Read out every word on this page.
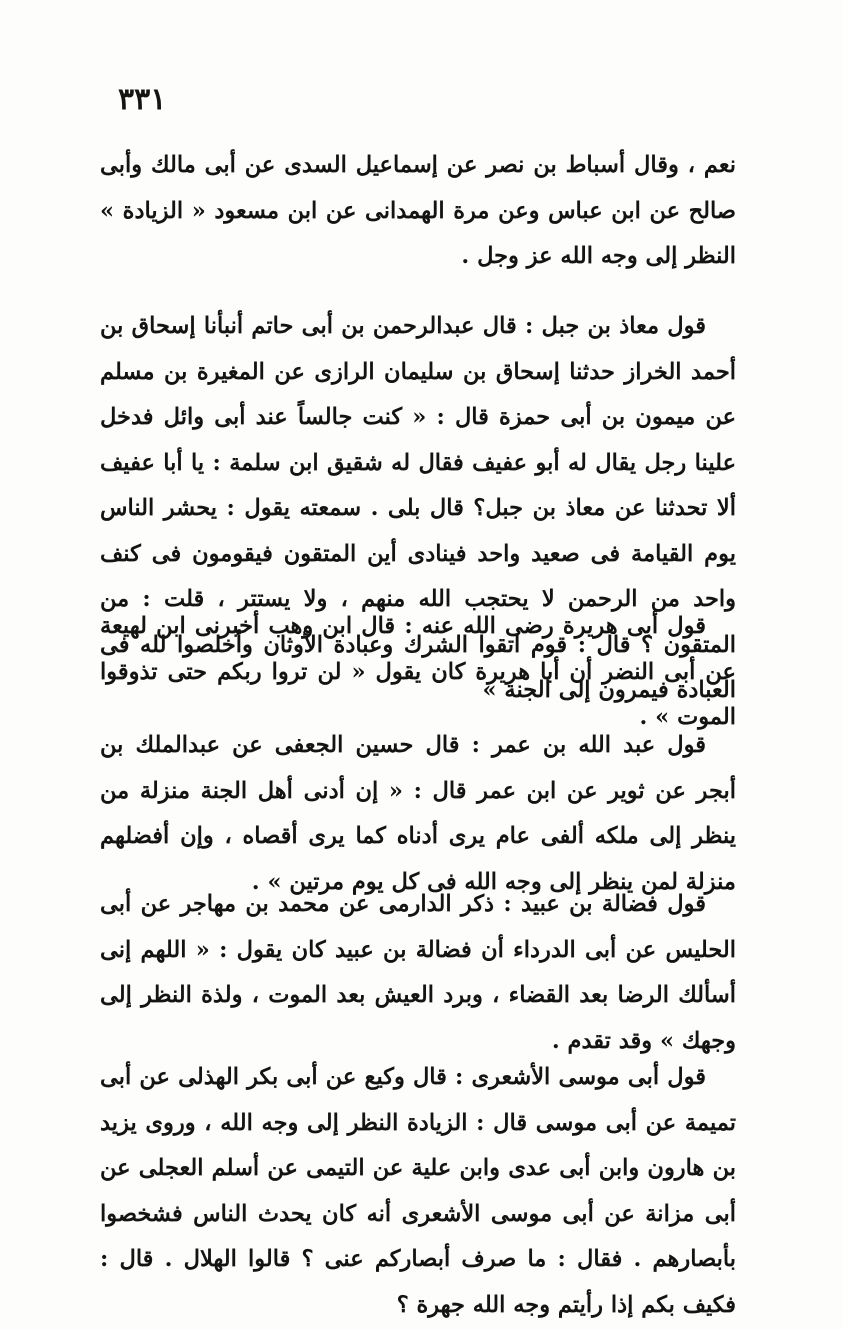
٣٣١

نعم ، وقال أسباط بن نصر عن إسماعيل السدى عن أبى مالك وأبى صالح عن ابن عباس وعن مرة الهمدانى عن ابن مسعود « الزيادة » النظر إلى وجه الله عز وجل .

قول معاذ بن جبل : قال عبدالرحمن بن أبى حاتم أنبأنا إسحاق بن أحمد الخراز حدثنا إسحاق بن سليمان الرازى عن المغيرة بن مسلم عن ميمون بن أبى حمزة قال : « كنت جالساً عند أبى وائل فدخل علينا رجل يقال له أبو عفيف فقال له شقيق ابن سلمة : يا أبا عفيف ألا تحدثنا عن معاذ بن جبل؟ قال بلى . سمعته يقول : يحشر الناس يوم القيامة فى صعيد واحد فينادى أين المتقون فيقومون فى كنف واحد من الرحمن لا يحتجب الله منهم ، ولا يستتر ، قلت : من المتقون ؟ قال : قوم اتقوا الشرك وعبادة الأوثان وأخلصوا لله فى العبادة فيمرون إلى الجنة »

قول أبى هريرة رضى الله عنه : قال ابن وهب أخبرنى ابن لهيعة عن أبى النضر أن أبا هريرة كان يقول « لن تروا ربكم حتى تذوقوا الموت » .

قول عبد الله بن عمر : قال حسين الجعفى عن عبدالملك بن أبجر عن ثوير عن ابن عمر قال : « إن أدنى أهل الجنة منزلة من ينظر إلى ملكه ألفى عام يرى أدناه كما يرى أقصاه ، وإن أفضلهم منزلة لمن ينظر إلى وجه الله فى كل يوم مرتين » .

قول فضالة بن عبيد : ذكر الدارمى عن محمد بن مهاجر عن أبى الحليس عن أبى الدرداء أن فضالة بن عبيد كان يقول : « اللهم إنى أسألك الرضا بعد القضاء ، وبرد العيش بعد الموت ، ولذة النظر إلى وجهك » وقد تقدم .

قول أبى موسى الأشعرى : قال وكيع عن أبى بكر الهذلى عن أبى تميمة عن أبى موسى قال : الزيادة النظر إلى وجه الله ، وروى يزيد بن هارون وابن أبى عدى وابن علية عن التيمى عن أسلم العجلى عن أبى مزانة عن أبى موسى الأشعرى أنه كان يحدث الناس فشخصوا بأبصارهم . فقال : ما صرف أبصاركم عنى ؟ قالوا الهلال . قال : فكيف بكم إذا رأيتم وجه الله جهرة ؟
